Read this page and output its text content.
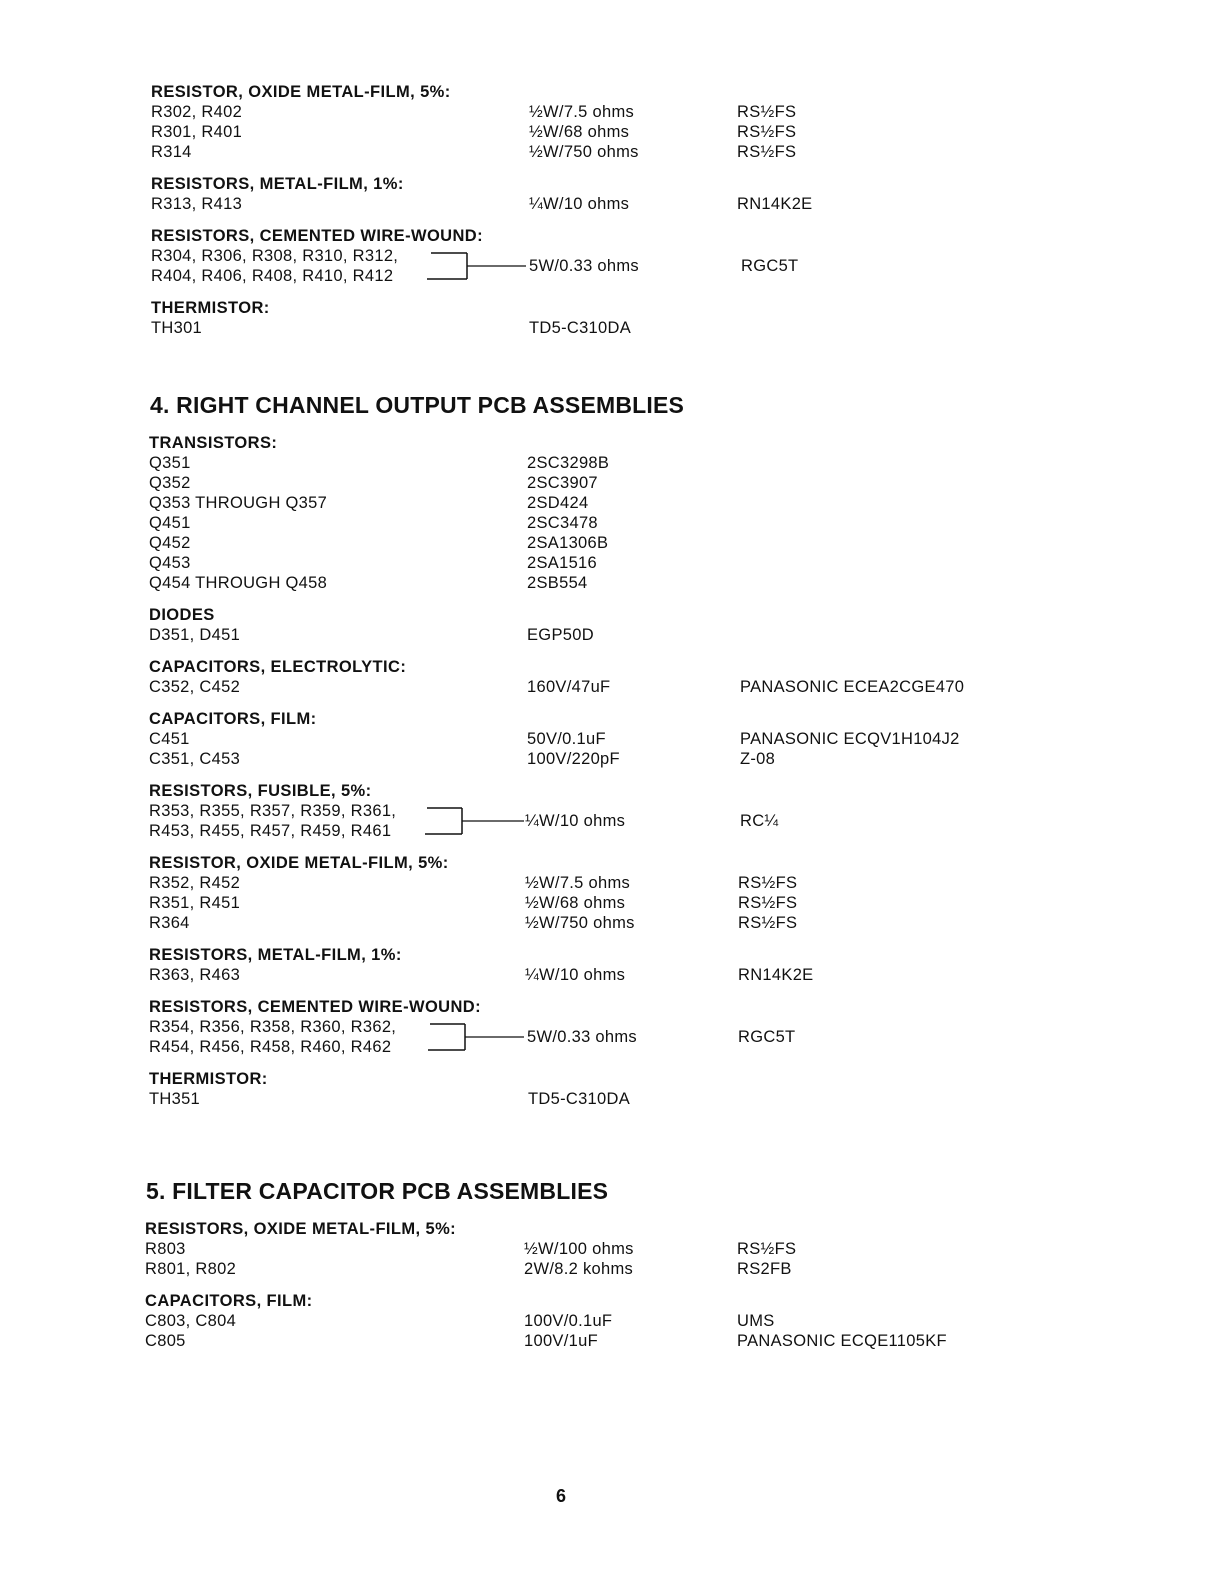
RESISTOR, OXIDE METAL-FILM, 5%:
R302, R402	½W/7.5 ohms	RS½FS
R301, R401	½W/68 ohms	RS½FS
R314	½W/750 ohms	RS½FS
RESISTORS, METAL-FILM, 1%:
R313, R413	¼W/10 ohms	RN14K2E
RESISTORS, CEMENTED WIRE-WOUND:
R304, R306, R308, R310, R312,
R404, R406, R408, R410, R412
5W/0.33 ohms	RGC5T
THERMISTOR:
TH301	TD5-C310DA
4. RIGHT CHANNEL OUTPUT PCB ASSEMBLIES
TRANSISTORS:
Q351	2SC3298B
Q352	2SC3907
Q353 THROUGH Q357	2SD424
Q451	2SC3478
Q452	2SA1306B
Q453	2SA1516
Q454 THROUGH Q458	2SB554
DIODES
D351, D451	EGP50D
CAPACITORS, ELECTROLYTIC:
C352, C452	160V/47uF	PANASONIC ECEA2CGE470
CAPACITORS, FILM:
C451	50V/0.1uF	PANASONIC ECQV1H104J2
C351, C453	100V/220pF	Z-08
RESISTORS, FUSIBLE, 5%:
R353, R355, R357, R359, R361,
R453, R455, R457, R459, R461
¼W/10 ohms	RC¼
RESISTOR, OXIDE METAL-FILM, 5%:
R352, R452	½W/7.5 ohms	RS½FS
R351, R451	½W/68 ohms	RS½FS
R364	½W/750 ohms	RS½FS
RESISTORS, METAL-FILM, 1%:
R363, R463	¼W/10 ohms	RN14K2E
RESISTORS, CEMENTED WIRE-WOUND:
R354, R356, R358, R360, R362,
R454, R456, R458, R460, R462
5W/0.33 ohms	RGC5T
THERMISTOR:
TH351	TD5-C310DA
5. FILTER CAPACITOR PCB ASSEMBLIES
RESISTORS, OXIDE METAL-FILM, 5%:
R803	½W/100 ohms	RS½FS
R801, R802	2W/8.2 kohms	RS2FB
CAPACITORS, FILM:
C803, C804	100V/0.1uF	UMS
C805	100V/1uF	PANASONIC ECQE1105KF
6
